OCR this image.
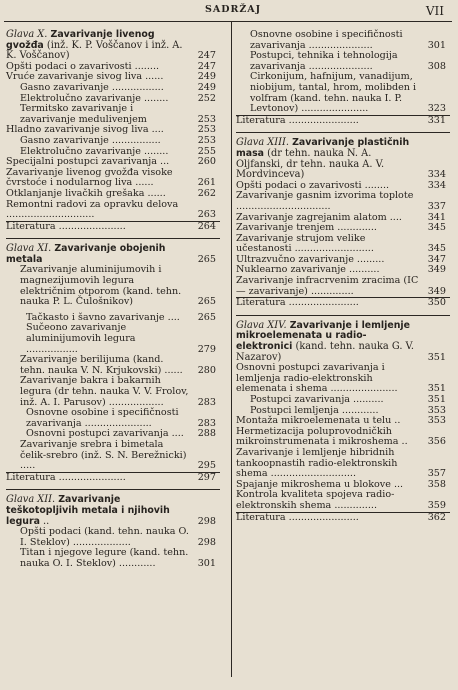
SADRŽAJ	VII
Glava X. Zavarivanje livenog gvožđa (inž. K. P. Voščanov i inž. A. K. Voščanov)	247
Opšti podaci o zavarivosti ........	247
Vruće zavarivanje sivog liva ......	249
Gasno zavarivanje .................	249
Elektrolučno zavarivanje ........	252
Termitsko zavarivanje i zavarivanje medulivenjem	253
Hladno zavarivanje sivog liva ....	253
Gasno zavarivanje ................	253
Elektrolučno zavarivanje ........	255
Specijalni postupci zavarivanja ...	260
Zavarivanje livenog gvožđa visoke čvrstoće i nodularnog liva ......	261
Otklanjanje livačkih grešaka ......	262
Remontni radovi za opravku delova .............................	263
Literatura ......................	264
Glava XI. Zavarivanje obojenih metala	265
Zavarivanje aluminijumovih i magnezijumovih legura električnim otporom (kand. tehn. nauka P. L. Čulošnikov)	265
Tačkasto i šavno zavarivanje ....	265
Sučeono zavarivanje aluminijumovih legura .................	279
Zavarivanje berilijuma (kand. tehn. nauka V. N. Krjukovski) ......	280
Zavarivanje bakra i bakarnih legura (dr tehn. nauka V. V. Frolov, inž. A. I. Parusov) ..................	283
Osnovne osobine i specifičnosti zavarivanja ......................	283
Osnovni postupci zavarivanja ....	288
Zavarivanje srebra i bimetala čelik-srebro (inž. S. N. Berežnicki) .....	295
Literatura ......................	297
Glava XII. Zavarivanje teškotopljivih metala i njihovih legura ..	298
Opšti podaci (kand. tehn. nauka O. I. Steklov) ...................	298
Titan i njegove legure (kand. tehn. nauka O. I. Steklov) ............	301
Osnovne osobine i specifičnosti zavarivanja .....................	301
Postupci, tehnika i tehnologija zavarivanja .....................	308
Cirkonijum, hafnijum, vanadijum, niobijum, tantal, hrom, molibden i volfram (kand. tehn. nauka I. P. Levtonov) ......................	323
Literatura .......................	331
Glava XIII. Zavarivanje plastičnih masa (dr tehn. nauka N. A. Oljfanski, dr tehn. nauka A. V. Mordvinceva)	334
Opšti podaci o zavarivosti ........	334
Zavarivanje gasnim izvorima toplote ...............................	337
Zavarivanje zagrejanim alatom ....	341
Zavarivanje trenjem .............	345
Zavarivanje strujom velike učestanosti ..........................	345
Ultrazvučno zavarivanje .........	347
Nuklearno zavarivanje ..........	349
Zavarivanje infracrvenim zracima (IC — zavarivanje) ..............	349
Literatura .......................	350
Glava XIV. Zavarivanje i lemljenje mikroelemenata u radio-elektronici (kand. tehn. nauka G. V. Nazarov)	351
Osnovni postupci zavarivanja i lemljenja radio-elektronskih elemenata i shema ......................	351
Postupci zavarivanja ..........	351
Postupci lemljenja ............	353
Montaža mikroelemenata u telu ..	353
Hermetizacija poluprovodničkih mikroinstrumenata i mikroshema ..	356
Zavarivanje i lemljenje hibridnih tankoopnastih radio-elektronskih shema ............................	357
Spajanje mikroshema u blokove ...	358
Kontrola kvaliteta spojeva radio-elektronskih shema ..............	359
Literatura .......................	362
